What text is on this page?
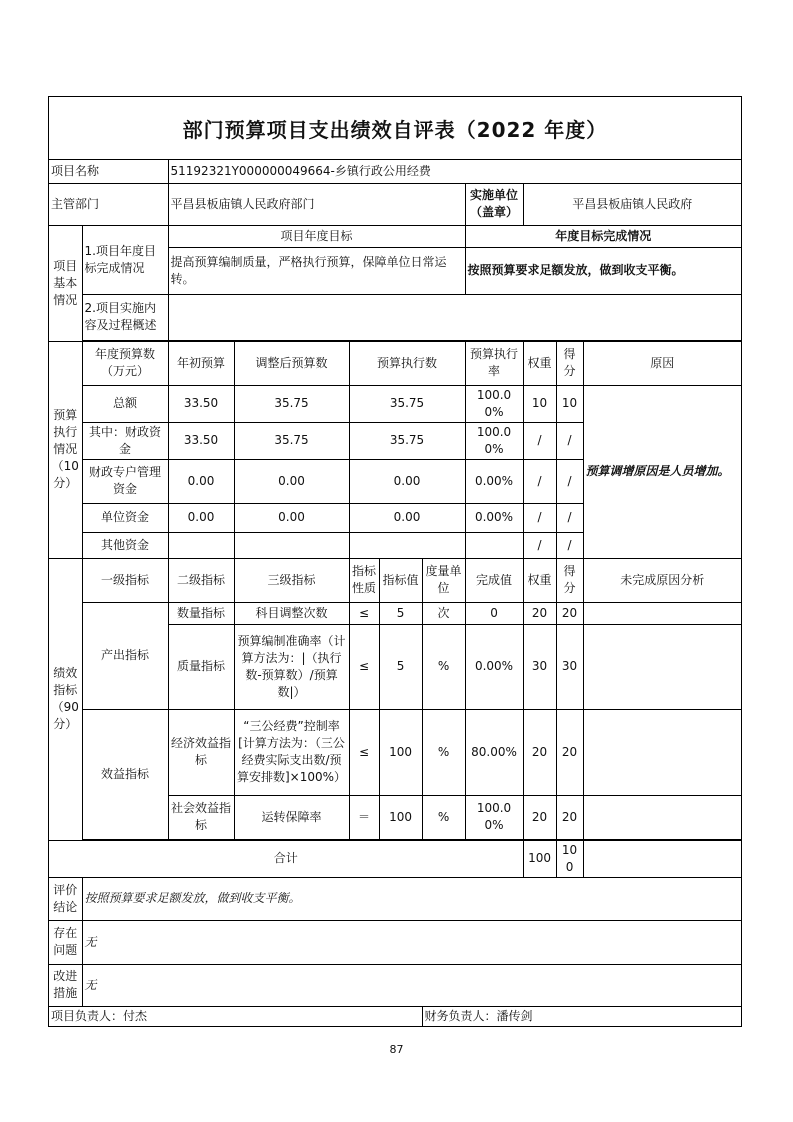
部门预算项目支出绩效自评表（2022 年度）
项目名称		51192321Y000000049664-乡镇行政公用经费								
主管部门		平昌县板庙镇人民政府部门					实施单位（盖章）	平昌县板庙镇人民政府		
项目基本情况	1.项目年度目标完成情况	项目年度目标					年度目标完成情况			
		提高预算编制质量，严格执行预算，保障单位日常运转。					按照预算要求足额发放，做到收支平衡。			
	2.项目实施内容及过程概述									

预算执行情况（10分）	年度预算数（万元）	年初预算	调整后预算数	预算执行数			预算执行率	权重	得分	原因
	总额	33.50	35.75	35.75			100.00%	10	10	预算调增原因是人员增加。
	其中：财政资金	33.50	35.75	35.75			100.00%	/	/	
	财政专户管理资金	0.00	0.00	0.00			0.00%	/	/	
	单位资金	0.00	0.00	0.00			0.00%	/	/	
	其他资金							/	/	
绩效指标（90分）	一级指标	二级指标	三级指标	指标性质	指标值	度量单位	完成值	权重	得分	未完成原因分析
	产出指标	数量指标	科目调整次数	≤	5	次	0	20	20	
		质量指标	预算编制准确率（计算方法为：|（执行数-预算数）/预算数|）	≤	5	%	0.00%	30	30	
	效益指标	经济效益指标	“三公经费”控制率[计算方法为：（三公经费实际支出数/预算安排数]×100%）	≤	100	%	80.00%	20	20	
		社会效益指标	运转保障率	＝	100	%	100.00%	20	20	

合计								100	100	
评价结论	按照预算要求足额发放，做到收支平衡。									
存在问题	无									
改进措施	无									
项目负责人：付杰						财务负责人：潘传剑				
87
